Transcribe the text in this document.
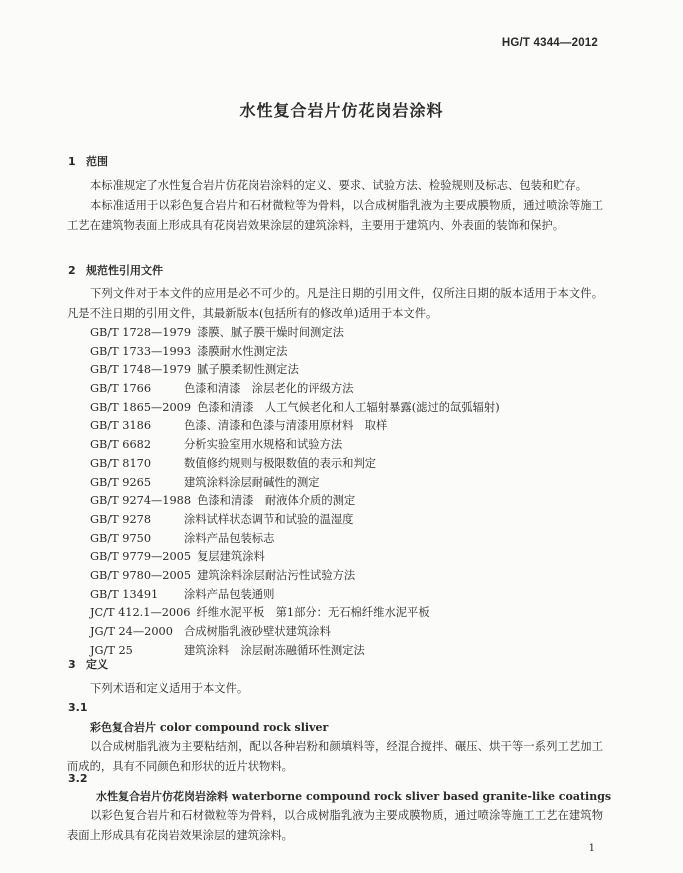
HG/T 4344—2012
水性复合岩片仿花岗岩涂料
1 范围

本标准规定了水性复合岩片仿花岗岩涂料的定义、要求、试验方法、检验规则及标志、包装和贮存。

本标准适用于以彩色复合岩片和石材微粒等为骨料，以合成树脂乳液为主要成膜物质，通过喷涂等施工工艺在建筑物表面上形成具有花岗岩效果涂层的建筑涂料，主要用于建筑内、外表面的装饰和保护。

2 规范性引用文件

下列文件对于本文件的应用是必不可少的。凡是注日期的引用文件，仅所注日期的版本适用于本文件。凡是不注日期的引用文件，其最新版本(包括所有的修改单)适用于本文件。

GB/T 1728—1979 漆膜、腻子膜干燥时间测定法
GB/T 1733—1993 漆膜耐水性测定法
GB/T 1748—1979 腻子膜柔韧性测定法
GB/T 1766	色漆和清漆　涂层老化的评级方法
GB/T 1865—2009 色漆和清漆　人工气候老化和人工辐射暴露(滤过的氙弧辐射)
GB/T 3186	色漆、清漆和色漆与清漆用原材料　取样
GB/T 6682	分析实验室用水规格和试验方法
GB/T 8170	数值修约规则与极限数值的表示和判定
GB/T 9265	建筑涂料涂层耐碱性的测定
GB/T 9274—1988 色漆和清漆　耐液体介质的测定
GB/T 9278	涂料试样状态调节和试验的温湿度
GB/T 9750	涂料产品包装标志
GB/T 9779—2005 复层建筑涂料
GB/T 9780—2005 建筑涂料涂层耐沾污性试验方法
GB/T 13491 涂料产品包装通则
JC/T 412.1—2006 纤维水泥平板　第1部分：无石棉纤维水泥平板
JG/T 24—2000 合成树脂乳液砂壁状建筑涂料
JG/T 25	建筑涂料　涂层耐冻融循环性测定法
3 定义

下列术语和定义适用于本文件。

3.1
彩色复合岩片 color compound rock sliver

以合成树脂乳液为主要粘结剂，配以各种岩粉和颜填料等，经混合搅拌、碾压、烘干等一系列工艺加工而成的，具有不同颜色和形状的近片状物料。

3.2
水性复合岩片仿花岗岩涂料 waterborne compound rock sliver based granite-like coatings

以彩色复合岩片和石材微粒等为骨料，以合成树脂乳液为主要成膜物质，通过喷涂等施工工艺在建筑物表面上形成具有花岗岩效果涂层的建筑涂料。

1
